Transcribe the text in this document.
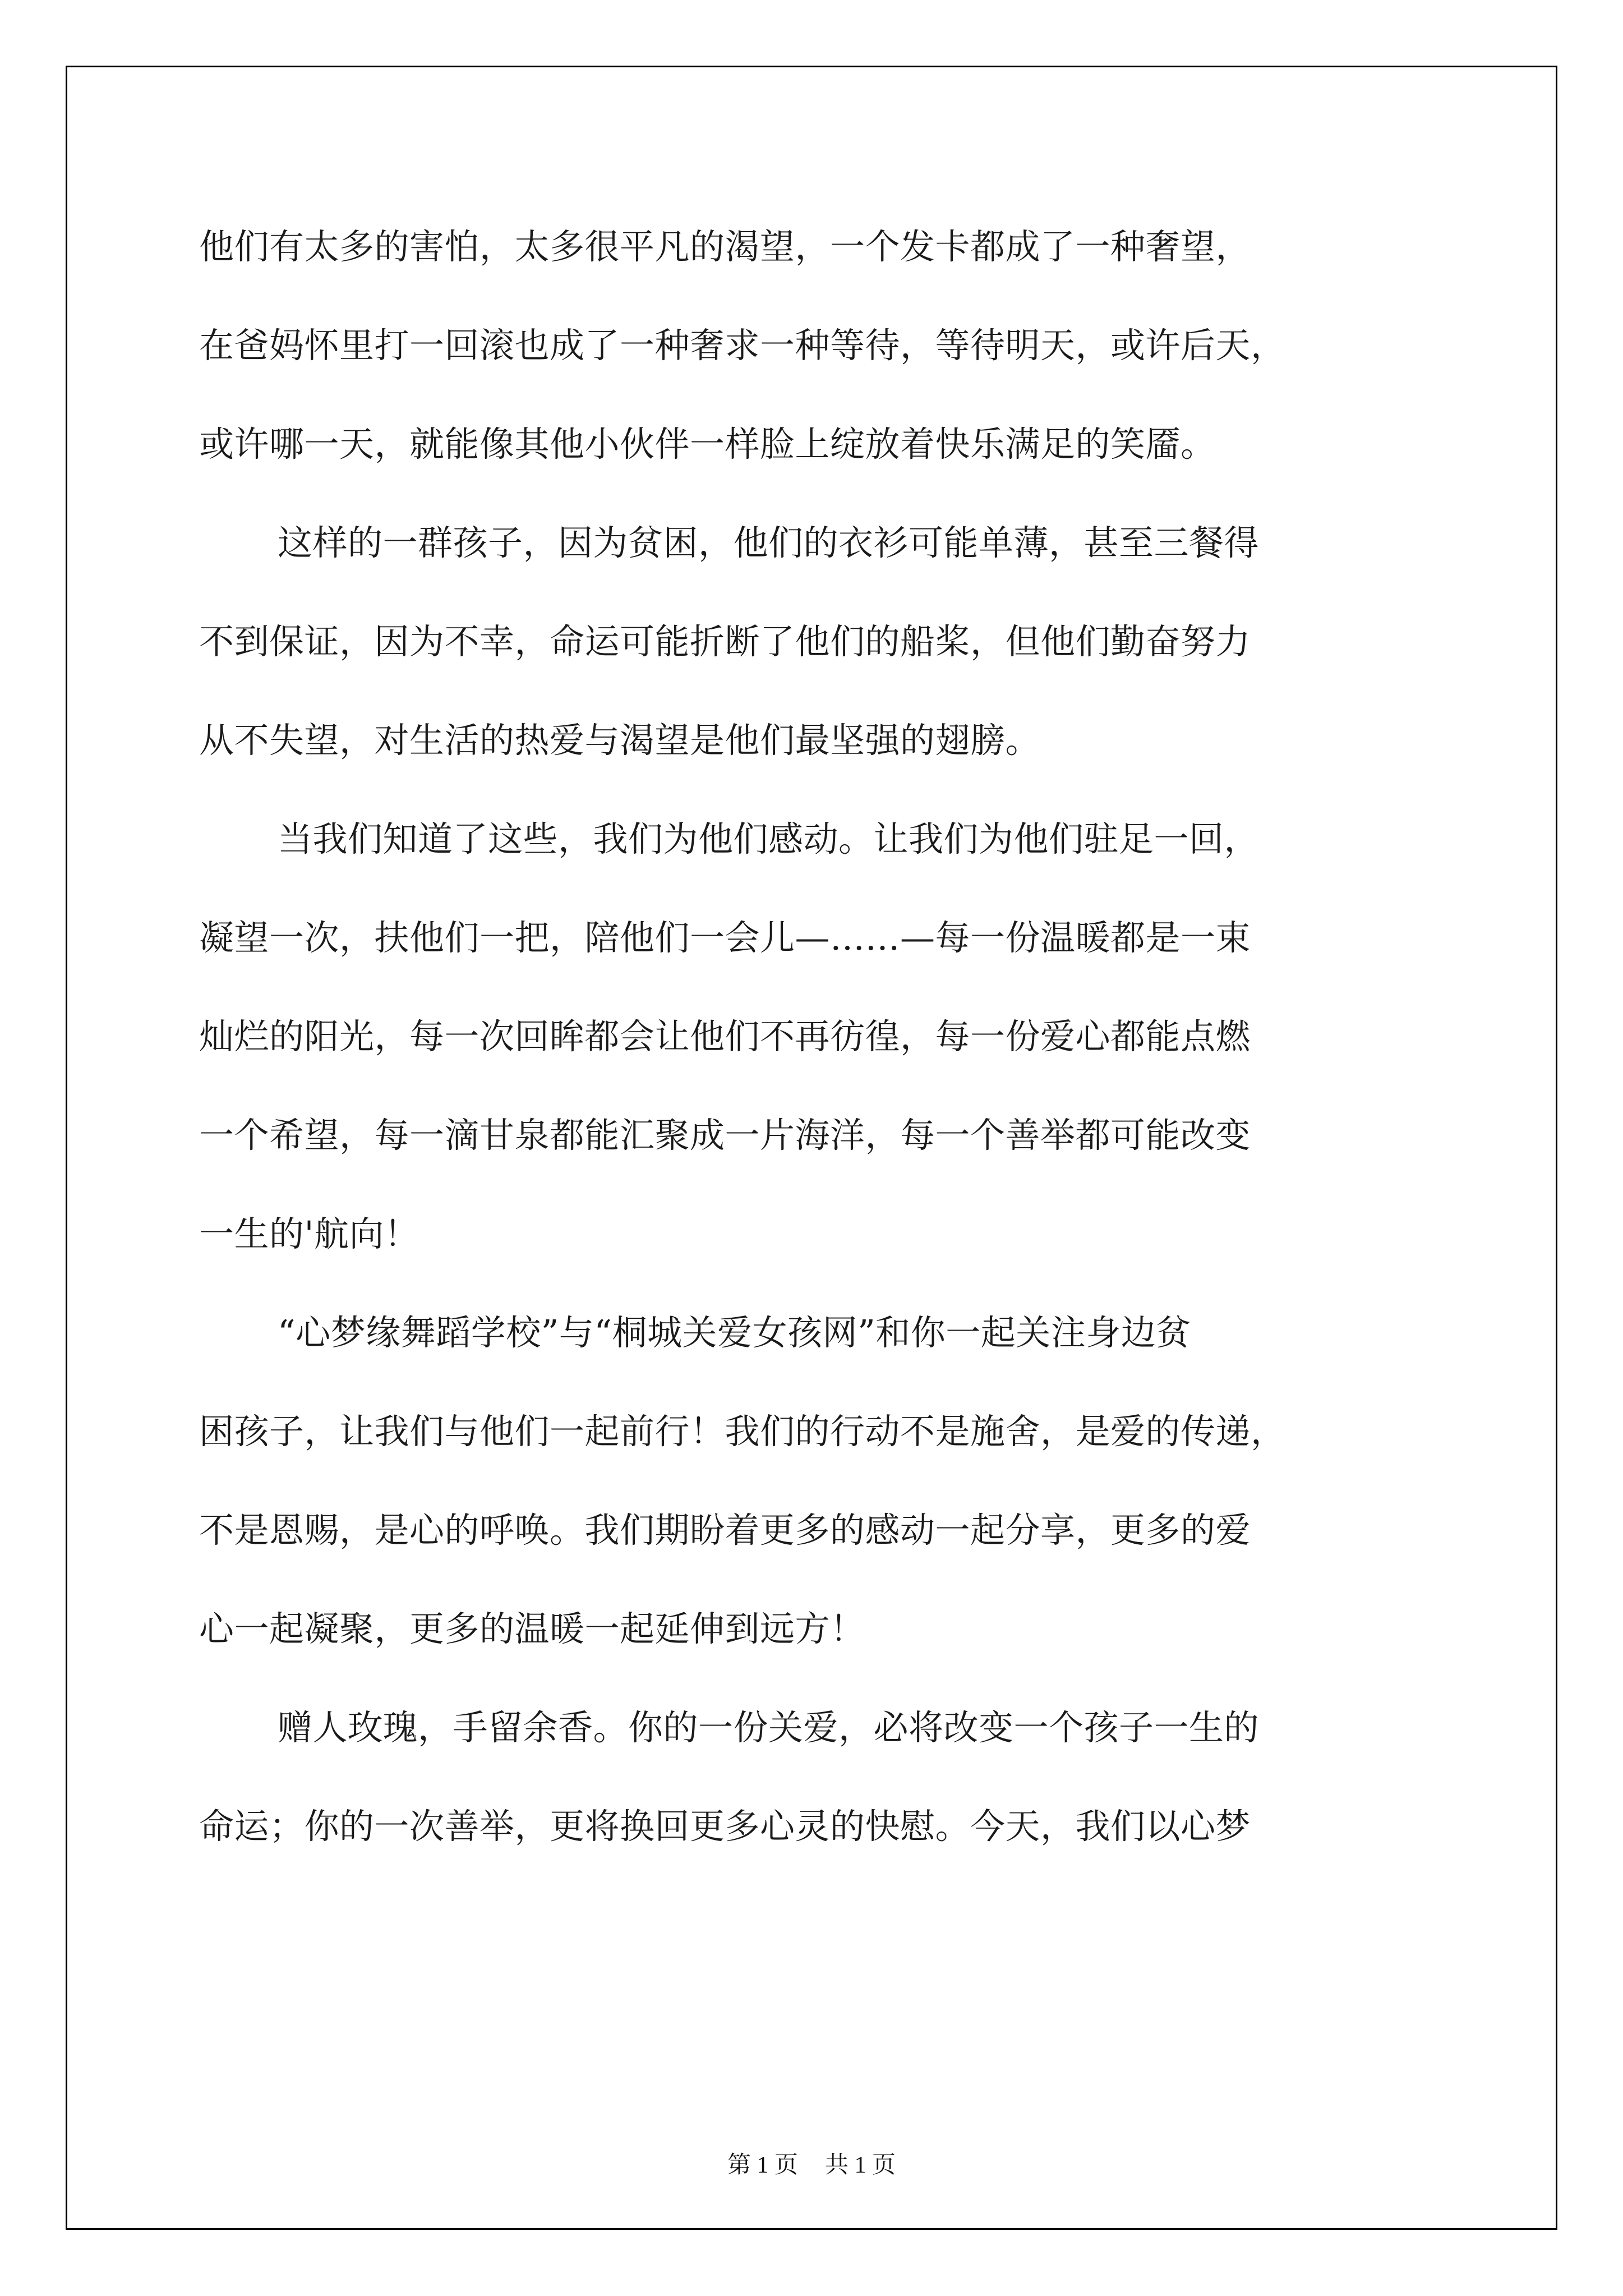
他们有太多的害怕，太多很平凡的渴望，一个发卡都成了一种奢望，
在爸妈怀里打一回滚也成了一种奢求一种等待，等待明天，或许后天，
或许哪一天，就能像其他小伙伴一样脸上绽放着快乐满足的笑靥。
这样的一群孩子，因为贫困，他们的衣衫可能单薄，甚至三餐得
不到保证，因为不幸，命运可能折断了他们的船桨，但他们勤奋努力
从不失望，对生活的热爱与渴望是他们最坚强的翅膀。
当我们知道了这些，我们为他们感动。让我们为他们驻足一回，
凝望一次，扶他们一把，陪他们一会儿—……—每一份温暖都是一束
灿烂的阳光，每一次回眸都会让他们不再彷徨，每一份爱心都能点燃
一个希望，每一滴甘泉都能汇聚成一片海洋，每一个善举都可能改变
一生的'航向！
“心梦缘舞蹈学校”与“桐城关爱女孩网”和你一起关注身边贫
困孩子，让我们与他们一起前行！我们的行动不是施舍，是爱的传递，
不是恩赐，是心的呼唤。我们期盼着更多的感动一起分享，更多的爱
心一起凝聚，更多的温暖一起延伸到远方！
赠人玫瑰，手留余香。你的一份关爱，必将改变一个孩子一生的
命运；你的一次善举，更将换回更多心灵的快慰。今天，我们以心梦
第 1 页 共 1 页
